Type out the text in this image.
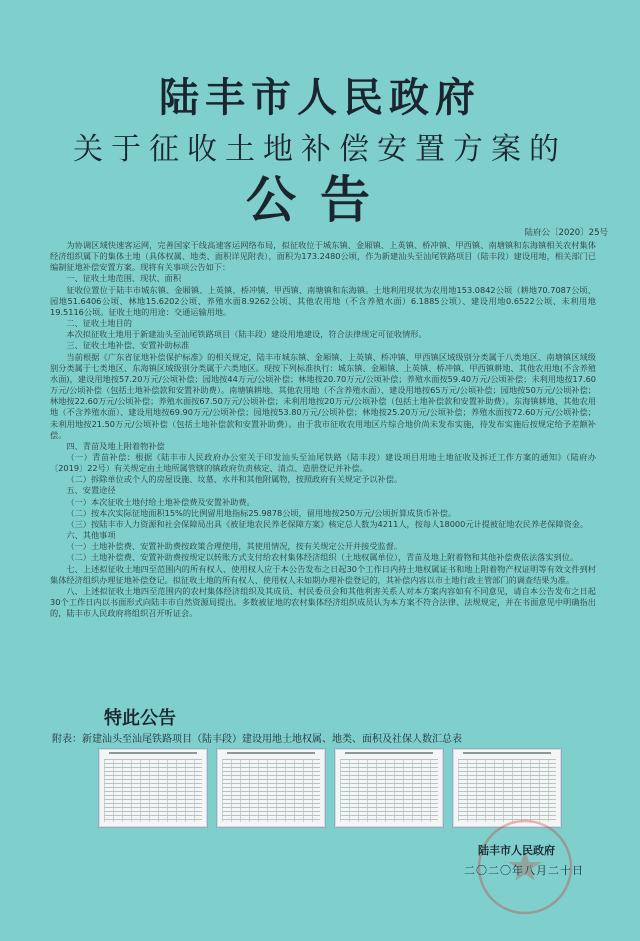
陆丰市人民政府
关于征收土地补偿安置方案的
公告
陆府公〔2020〕25号

为协调区域快速客运网，完善国家干线高速客运网络布局，拟征收位于城东镇、金厢镇、上英镇、桥冲镇、甲西镇、南塘镇和东海镇相关农村集体经济组织属下的集体土地（具体权属、地类、面积详见附表），面积为173.2480公顷，作为新建汕头至汕尾铁路项目（陆丰段）建设用地，相关部门已编制征地补偿安置方案。现将有关事项公告如下：

一、征收土地范围、现状、面积

征收位置位于陆丰市城东镇、金厢镇、上英镇、桥冲镇、甲西镇、南塘镇和东海镇。土地利用现状为农用地153.0842公顷（耕地70.7087公顷、园地51.6406公顷、林地15.6202公顷、养殖水面8.9262公顷、其他农用地（不含养殖水面）6.1885公顷）、建设用地0.6522公顷、未利用地19.5116公顷。征收土地的用途：交通运输用地。

二、征收土地目的

本次拟征收土地用于新建汕头至汕尾铁路项目（陆丰段）建设用地建设，符合法律规定可征收情形。

三、征收土地补偿、安置补助标准

当前根据《广东省征地补偿保护标准》的相关规定，陆丰市城东镇、金厢镇、上英镇、桥冲镇、甲西镇区域级别分类属于八类地区、南塘镇区域级别分类属于七类地区、东海镇区域级别分类属于六类地区。现按下列标准执行：城东镇、金厢镇、上英镇、桥冲镇、甲西镇耕地、其他农用地(不含养殖水面)，建设用地按57.20万元/公顷补偿；园地按44万元/公顷补偿；林地按20.70万元/公顷补偿；养殖水面按59.40万元/公顷补偿；未利用地按17.60万元/公顷补偿（包括土地补偿款和安置补助费）。南塘镇耕地、其他农用地（不含养殖水面）、建设用地按65万元/公顷补偿；园地按50万元/公顷补偿；林地按22.60万元/公顷补偿；养殖水面按67.50万元/公顷补偿；未利用地按20万元/公顷补偿（包括土地补偿款和安置补助费）。东海镇耕地、其他农用地（不含养殖水面）、建设用地按69.90万元/公顷补偿；园地按53.80万元/公顷补偿；林地按25.20万元/公顷补偿；养殖水面按72.60万元/公顷补偿；未利用地按21.50万元/公顷补偿（包括土地补偿款和安置补助费）。由于我市征收农用地区片综合地价尚未发布实施，待发布实施后按规定给予差额补偿。

四、青苗及地上附着物补偿

（一）青苗补偿：根据《陆丰市人民政府办公室关于印发汕头至汕尾铁路（陆丰段）建设项目用地土地征收及拆迁工作方案的通知》（陆府办〔2019〕22号）有关规定由土地所属管辖的镇政府负责核定、清点、造册登记并补偿。

（二）拆除单位或个人的房屋设施、坟墓、水井和其他附属物，按照政府有关规定予以补偿。

五、安置途径

（一）本次征收土地付给土地补偿费及安置补助费。

（二）按本次实际征地面积15%的比例留用地指标25.9878公顷，留用地按250万元/公顷折算成货币补偿。

（三）按陆丰市人力资源和社会保障局出具《被征地农民养老保障方案》核定总人数为4211人，按每人18000元计提被征地农民养老保障资金。

六、其他事项

（一）土地补偿费、安置补助费按政策合理使用，其使用情况，按有关规定公开并接受监督。

（二）土地补偿费、安置补助费按规定以转账方式支付给农村集体经济组织（土地权属单位），青苗及地上附着物和其他补偿费依法落实到位。

七、上述拟征收土地四至范围内的所有权人、使用权人应于本公告发布之日起30个工作日内持土地权属证书和地上附着物产权证明等有效文件到村集体经济组织办理征地补偿登记。拟征收土地的所有权人、使用权人未如期办理补偿登记的，其补偿内容以市土地行政主管部门的调查结果为准。

八、上述拟征收土地四至范围内的农村集体经济组织及其成员、村民委员会和其他利害关系人对本方案内容如有不同意见，请自本公告发布之日起30个工作日内以书面形式向陆丰市自然资源局提出。多数被征地的农村集体经济组织成员认为本方案不符合法律、法规规定，并在书面意见中明确指出的，陆丰市人民政府将组织召开听证会。

特此公告
附表：新建汕头至汕尾铁路项目（陆丰段）建设用地土地权属、地类、面积及社保人数汇总表
陆丰市人民政府
二〇二〇年八月二十日
